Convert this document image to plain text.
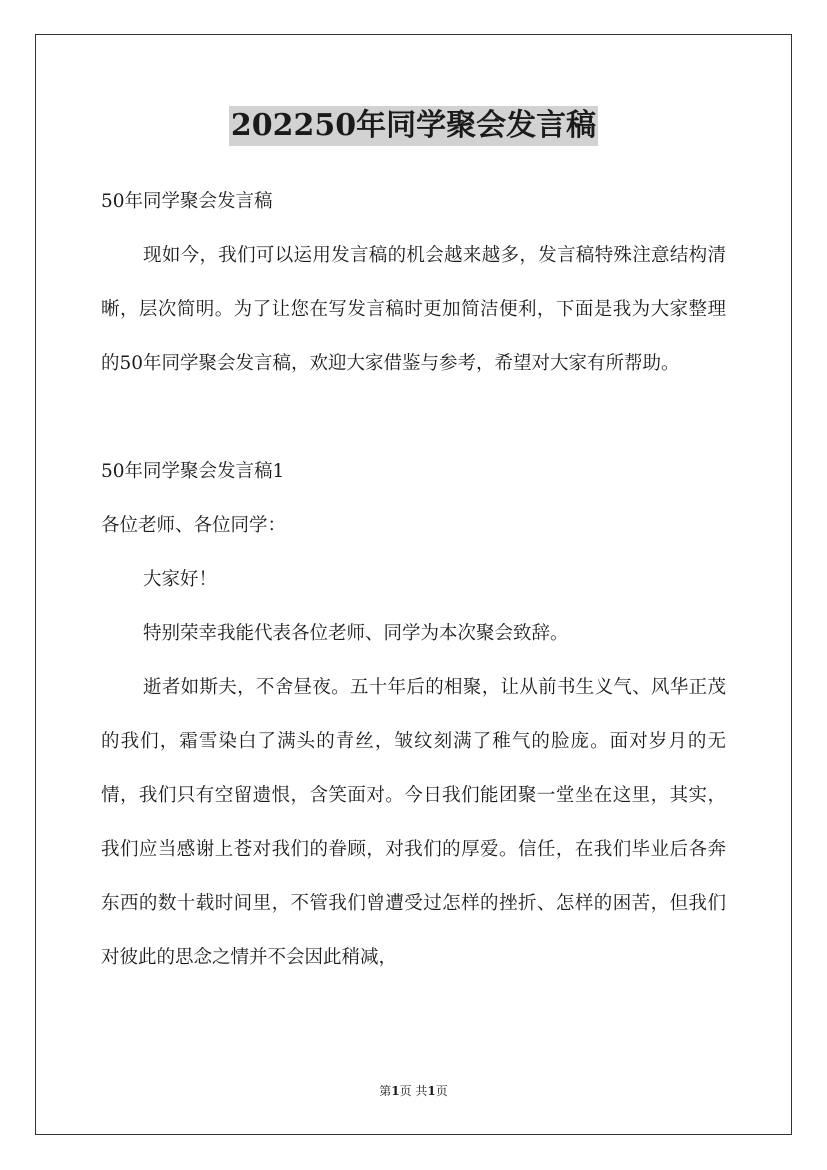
202250年同学聚会发言稿

50年同学聚会发言稿

现如今，我们可以运用发言稿的机会越来越多，发言稿特殊注意结构清晰，层次简明。为了让您在写发言稿时更加简洁便利，下面是我为大家整理的50年同学聚会发言稿，欢迎大家借鉴与参考，希望对大家有所帮助。

50年同学聚会发言稿1

各位老师、各位同学：

大家好！

特别荣幸我能代表各位老师、同学为本次聚会致辞。

逝者如斯夫，不舍昼夜。五十年后的相聚，让从前书生义气、风华正茂的我们，霜雪染白了满头的青丝，皱纹刻满了稚气的脸庞。面对岁月的无情，我们只有空留遗恨，含笑面对。今日我们能团聚一堂坐在这里，其实，我们应当感谢上苍对我们的眷顾，对我们的厚爱。信任，在我们毕业后各奔东西的数十载时间里，不管我们曾遭受过怎样的挫折、怎样的困苦，但我们对彼此的思念之情并不会因此稍减，

第1页 共1页
